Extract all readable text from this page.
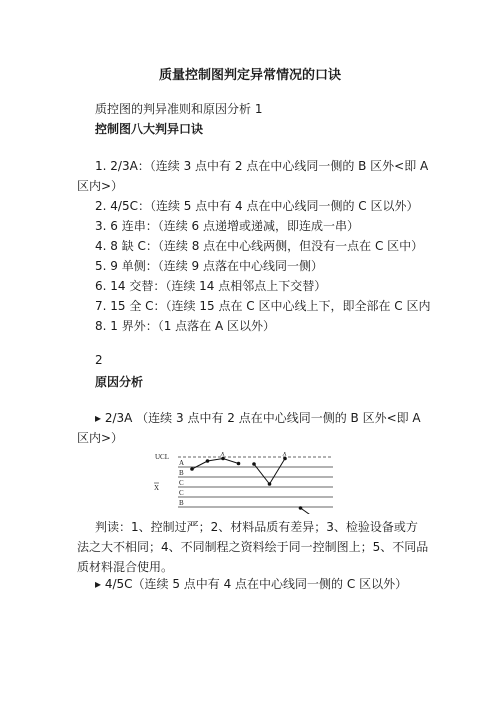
质量控制图判定异常情况的口诀
质控图的判异准则和原因分析 1
控制图八大判异口诀
1. 2/3A：（连续 3 点中有 2 点在中心线同一侧的 B 区外<即 A
区内>）
2. 4/5C：（连续 5 点中有 4 点在中心线同一侧的 C 区以外）
3. 6 连串：（连续 6 点递增或递减，即连成一串）
4. 8 缺 C：（连续 8 点在中心线两侧，但没有一点在 C 区中）
5. 9 单侧：（连续 9 点落在中心线同一侧）
6. 14 交替：（连续 14 点相邻点上下交替）
7. 15 全 C：（连续 15 点在 C 区中心线上下，即全部在 C 区内
8. 1 界外：（1 点落在 A 区以外）
2
原因分析
▸ 2/3A （连续 3 点中有 2 点在中心线同一侧的 B 区外<即 A 区内>）
UCL
X
A
B
C
C
B
X	X
判读：1、控制过严；2、材料品质有差异；3、检验设备或方法之大不相同；4、不同制程之资料绘于同一控制图上；5、不同品质材料混合使用。
▸ 4/5C（连续 5 点中有 4 点在中心线同一侧的 C 区以外）
